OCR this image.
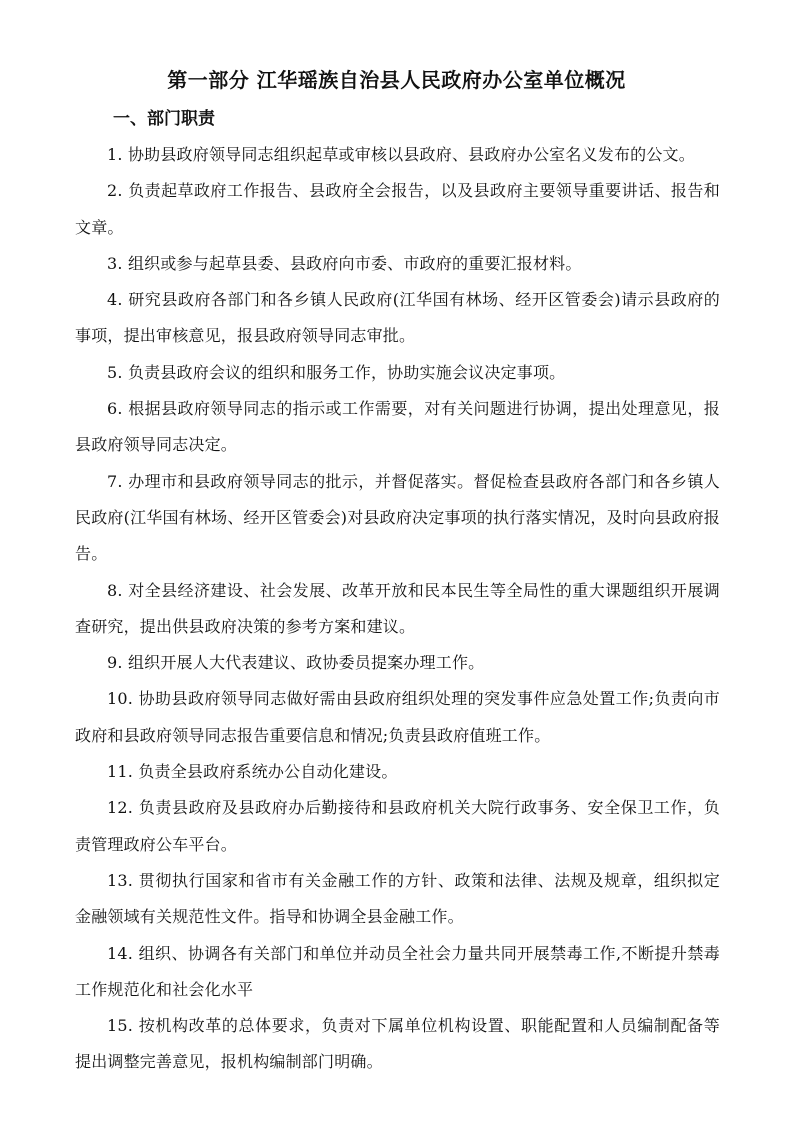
第一部分 江华瑶族自治县人民政府办公室单位概况
一、部门职责

1. 协助县政府领导同志组织起草或审核以县政府、县政府办公室名义发布的公文。

2. 负责起草政府工作报告、县政府全会报告，以及县政府主要领导重要讲话、报告和文章。

3. 组织或参与起草县委、县政府向市委、市政府的重要汇报材料。

4. 研究县政府各部门和各乡镇人民政府(江华国有林场、经开区管委会)请示县政府的事项，提出审核意见，报县政府领导同志审批。

5. 负责县政府会议的组织和服务工作，协助实施会议决定事项。

6. 根据县政府领导同志的指示或工作需要，对有关问题进行协调，提出处理意见，报县政府领导同志决定。

7. 办理市和县政府领导同志的批示，并督促落实。督促检查县政府各部门和各乡镇人民政府(江华国有林场、经开区管委会)对县政府决定事项的执行落实情况，及时向县政府报告。

8. 对全县经济建设、社会发展、改革开放和民本民生等全局性的重大课题组织开展调查研究，提出供县政府决策的参考方案和建议。

9. 组织开展人大代表建议、政协委员提案办理工作。

10. 协助县政府领导同志做好需由县政府组织处理的突发事件应急处置工作;负责向市政府和县政府领导同志报告重要信息和情况;负责县政府值班工作。

11. 负责全县政府系统办公自动化建设。

12. 负责县政府及县政府办后勤接待和县政府机关大院行政事务、安全保卫工作，负责管理政府公车平台。

13. 贯彻执行国家和省市有关金融工作的方针、政策和法律、法规及规章，组织拟定金融领域有关规范性文件。指导和协调全县金融工作。

14. 组织、协调各有关部门和单位并动员全社会力量共同开展禁毒工作,不断提升禁毒工作规范化和社会化水平

15. 按机构改革的总体要求，负责对下属单位机构设置、职能配置和人员编制配备等提出调整完善意见，报机构编制部门明确。
